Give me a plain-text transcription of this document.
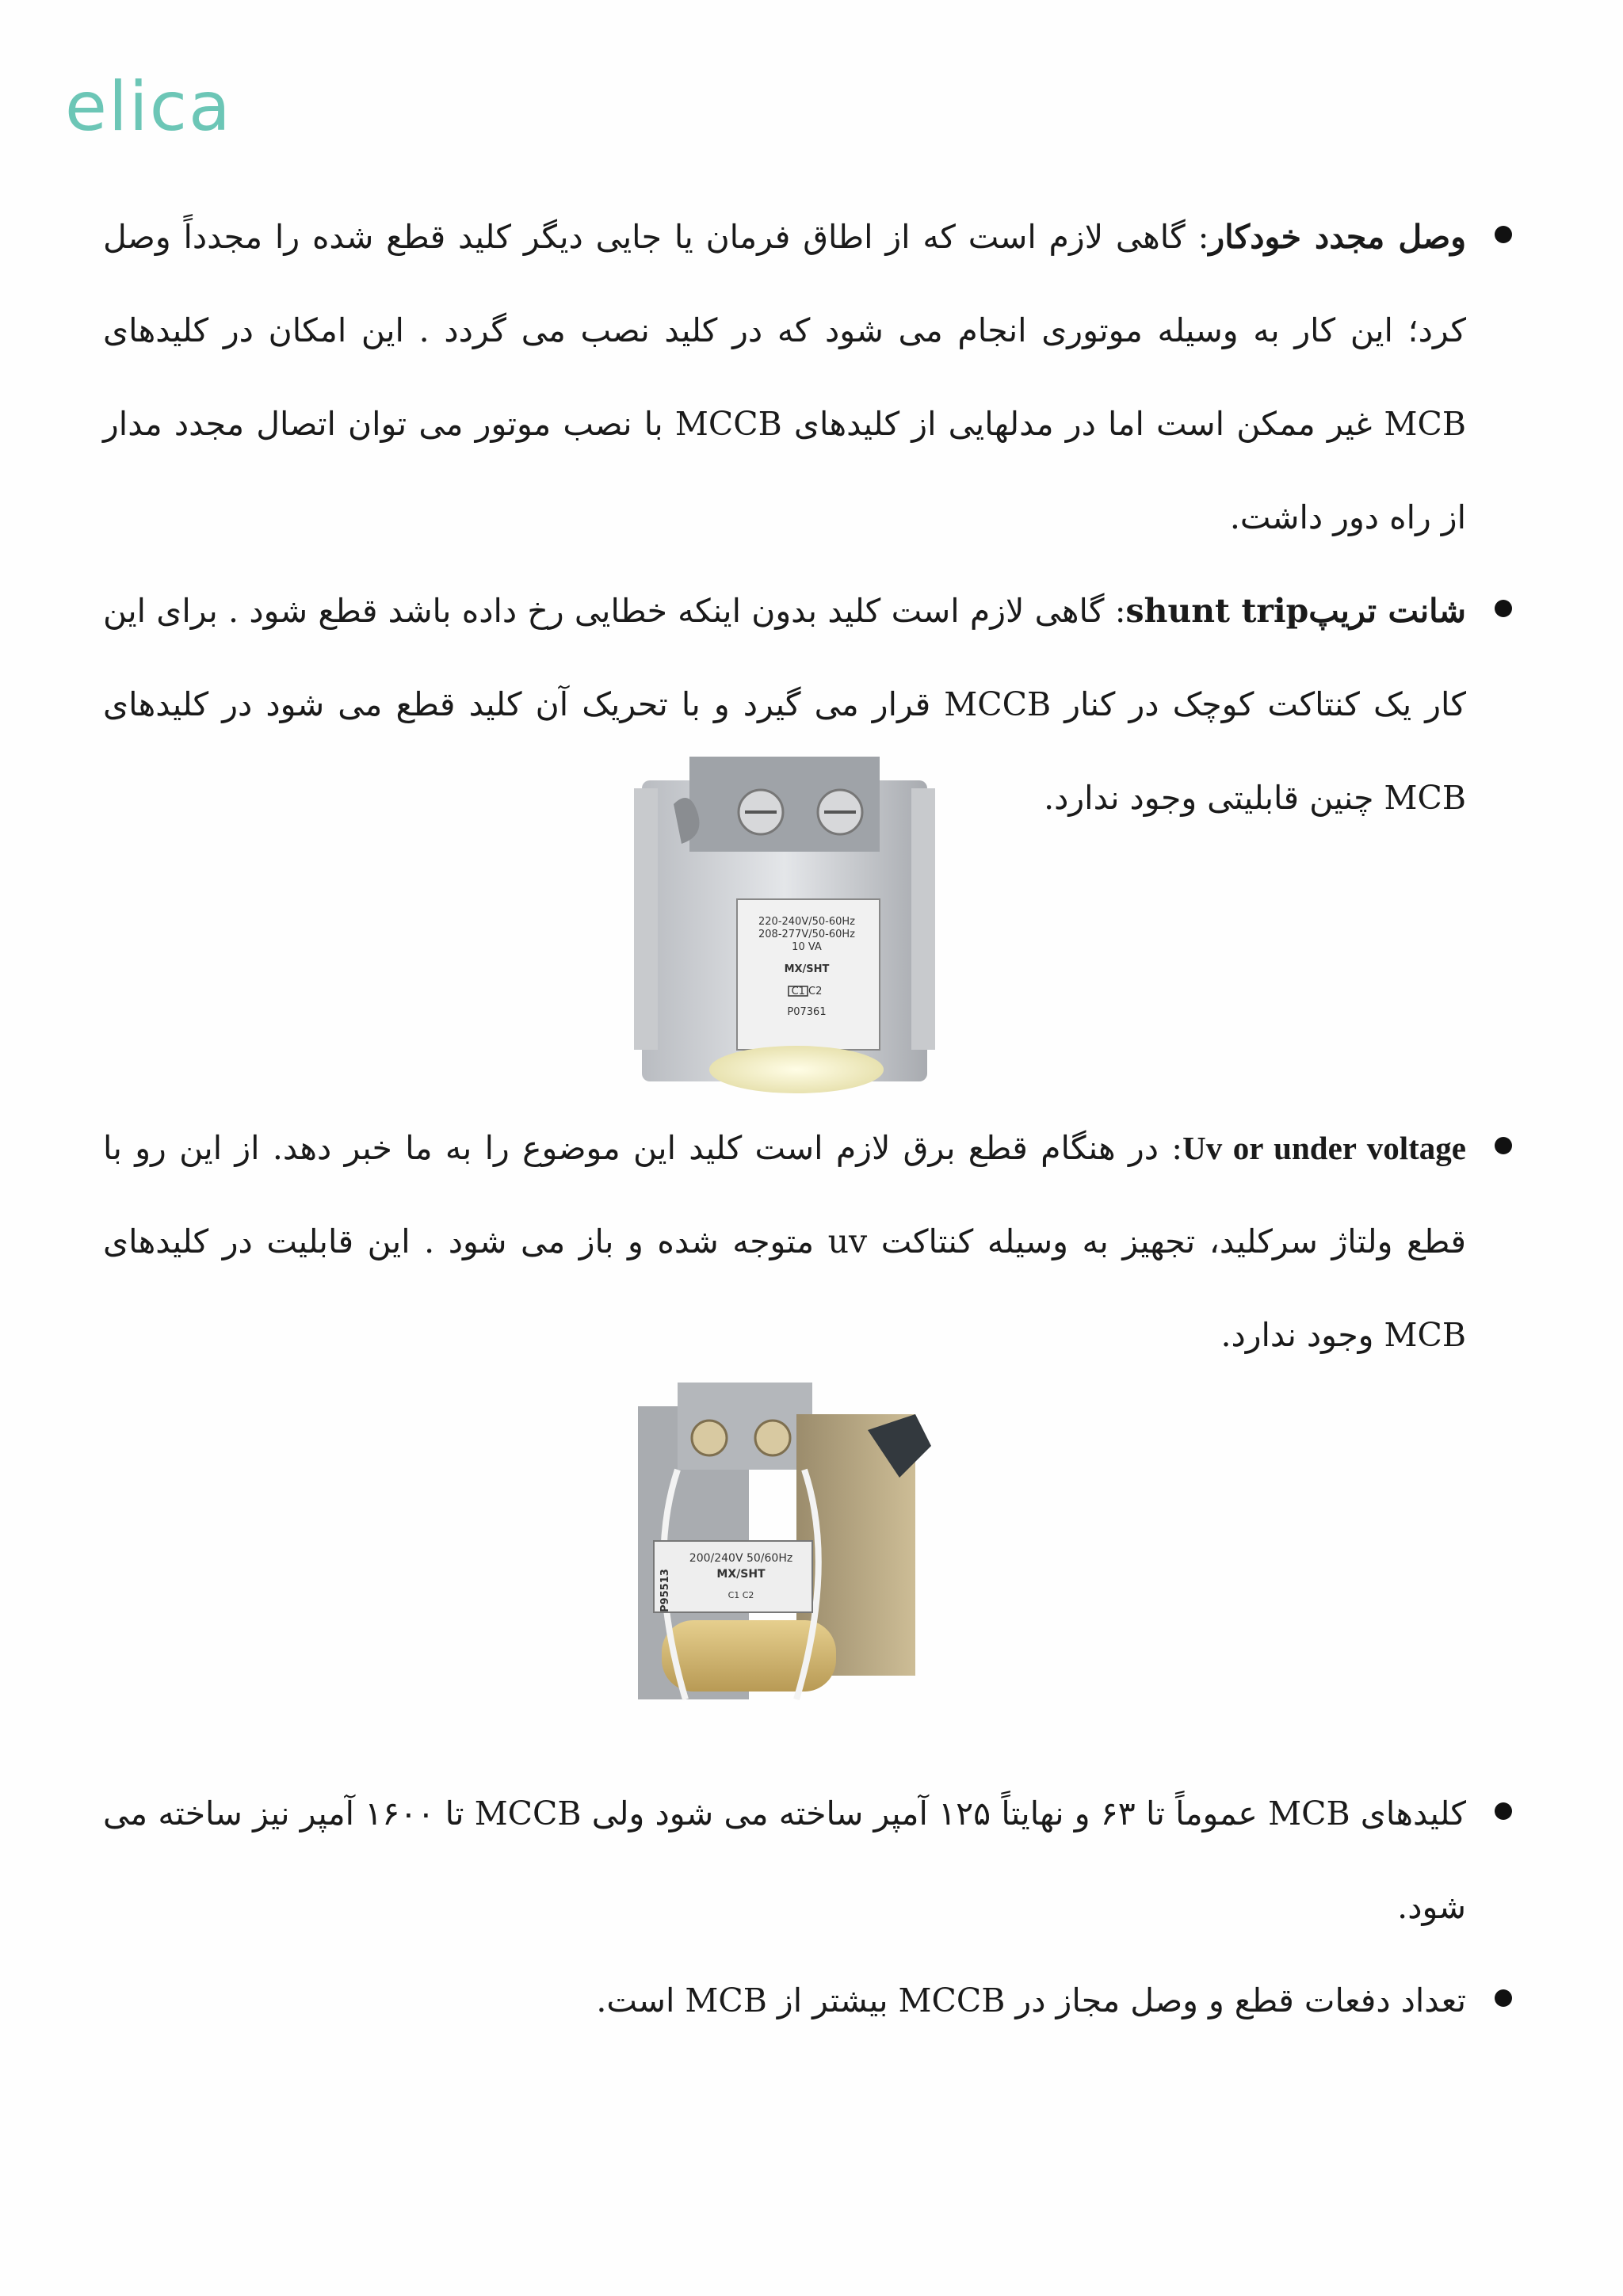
elica

وصل مجدد خودکار: گاهی لازم است که از اطاق فرمان یا جایی دیگر کلید قطع شده را مجدداً وصل کرد؛ این کار به وسیله موتوری انجام می شود که در کلید نصب می گردد . این امکان در کلیدهای MCB غیر ممکن است اما در مدلهایی از کلیدهای MCCB با نصب موتور می توان اتصال مجدد مدار از راه دور داشت.

شانت تریپshunt trip: گاهی لازم است کلید بدون اینکه خطایی رخ داده باشد قطع شود . برای این کار یک کنتاکت کوچک در کنار MCCB قرار می گیرد و با تحریک آن کلید قطع می شود در کلیدهای MCB چنین قابلیتی وجود ندارد.

220-240V/50-60Hz
208-277V/50-60Hz
10 VA
MX/SHT
C1 C2
P07361

Uv or under voltage: در هنگام قطع برق لازم است کلید این موضوع را به ما خبر دهد. از این رو با قطع ولتاژ سرکلید، تجهیز به وسیله کنتاکت uv متوجه شده و باز می شود . این قابلیت در کلیدهای MCB وجود ندارد.

200/240V 50/60Hz
MX/SHT
C1 C2
P95513

کلیدهای MCB عموماً تا ۶۳ و نهایتاً ۱۲۵ آمپر ساخته می شود ولی MCCB تا ۱۶۰۰ آمپر نیز ساخته می شود.

تعداد دفعات قطع و وصل مجاز در MCCB بیشتر از MCB است.
